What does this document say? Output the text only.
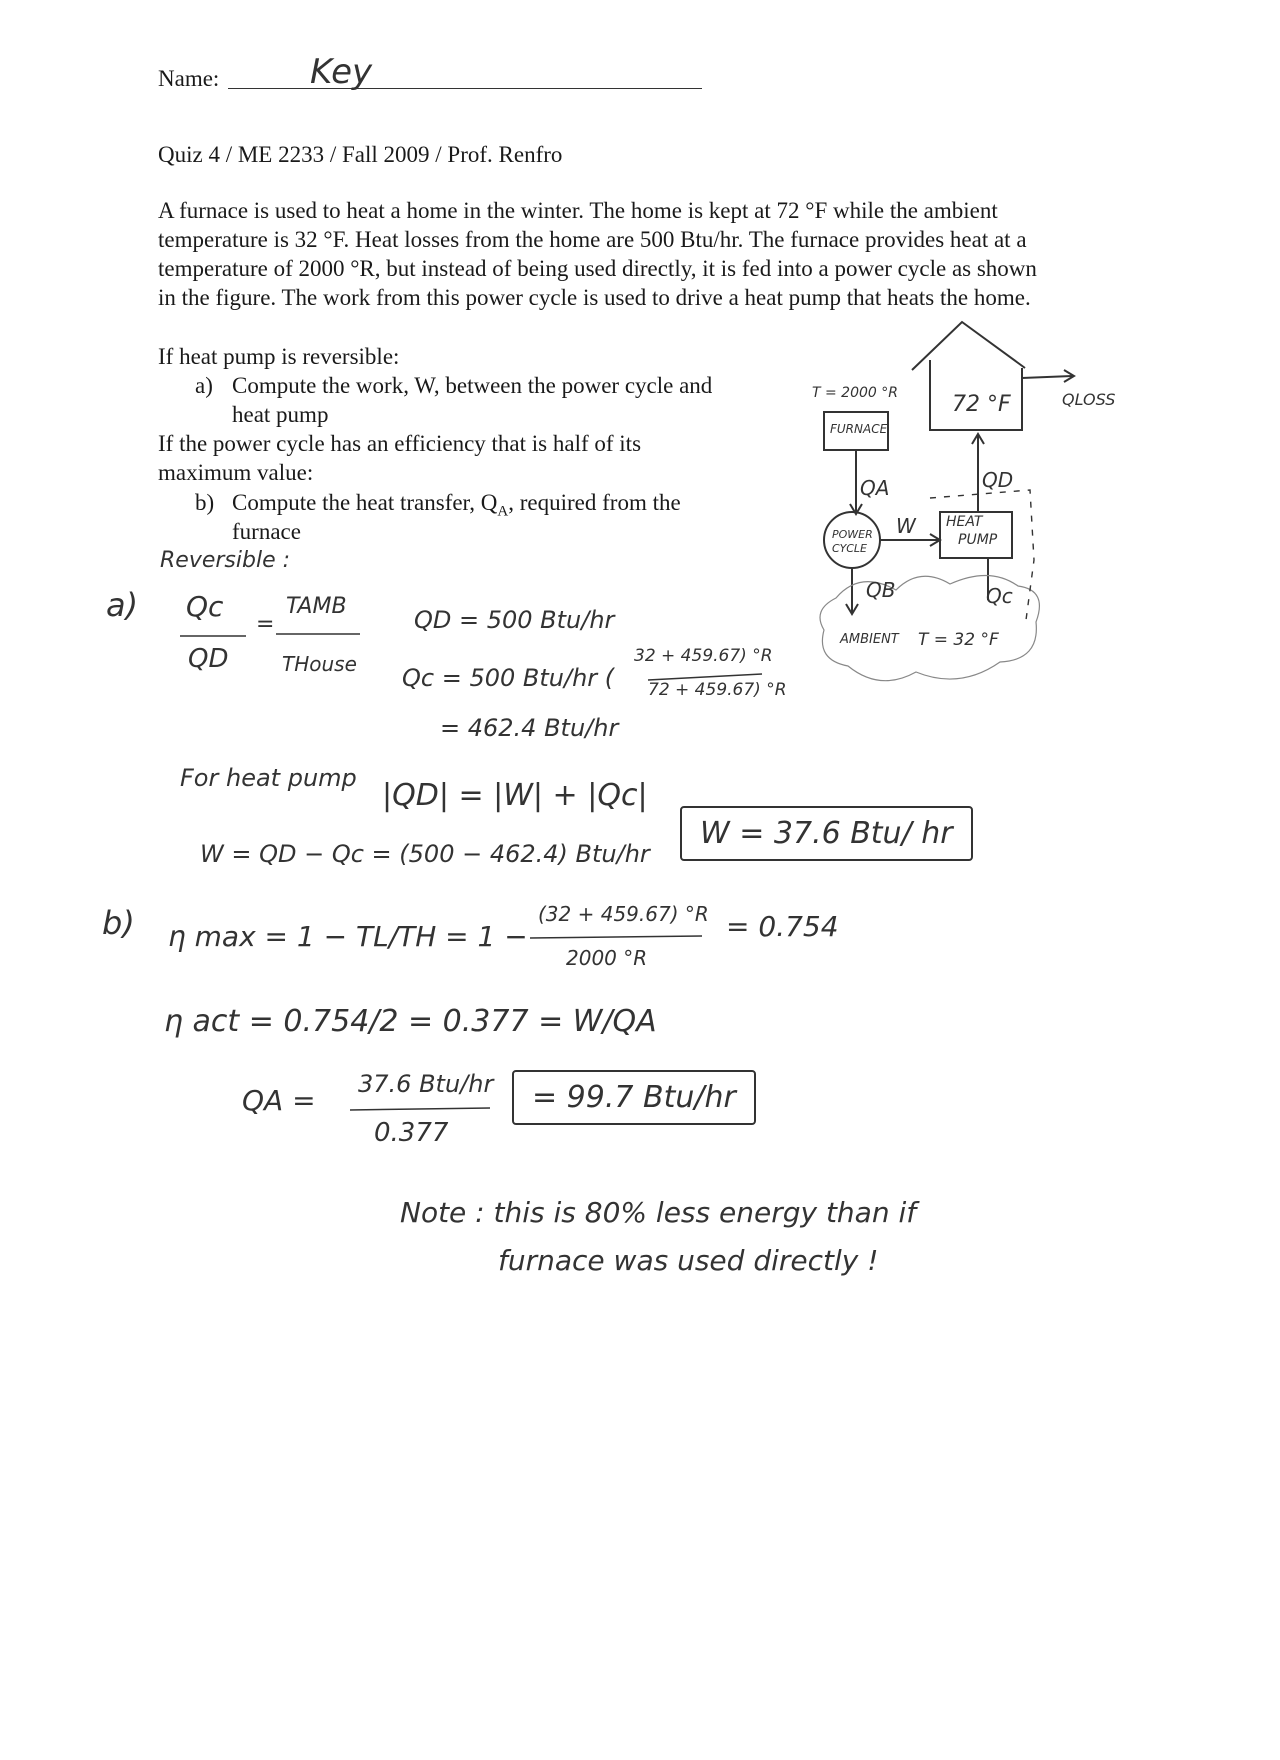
Name:	Key
Quiz 4 / ME 2233 / Fall 2009 / Prof. Renfro
A furnace is used to heat a home in the winter. The home is kept at 72 °F while the ambient
temperature is 32 °F. Heat losses from the home are 500 Btu/hr. The furnace provides heat at a
temperature of 2000 °R, but instead of being used directly, it is fed into a power cycle as shown
in the figure. The work from this power cycle is used to drive a heat pump that heats the home.
If heat pump is reversible:
a) Compute the work, W, between the power cycle and
heat pump
If the power cycle has an efficiency that is half of its
maximum value:
b) Compute the heat transfer, $Q_A$, required from the
furnace
T = 2000 °R
FURNACE
QA
POWER
CYCLE
W HEAT
PUMP
72 °F	QLOSS
QD
QB	Qc
AMBIENT T = 32 °F
Reversible :
a) Qc
QD
=
TAMB
THouse
QD = 500 Btu/hr
Qc = 500 Btu/hr (
32 + 459.67) °R
72 + 459.67) °R
= 462.4 Btu/hr
For heat pump |QD| = |W| + |Qc|
W = QD − Qc = (500 − 462.4) Btu/hr
W = 37.6 Btu/ hr
b) η max = 1 − TL/TH = 1 −
(32 + 459.67) °R
2000 °R
= 0.754
η act = 0.754/2 = 0.377 = W/QA
QA = 37.6 Btu/hr
0.377
= 99.7 Btu/hr
Note : this is 80% less energy than if
furnace was used directly !
